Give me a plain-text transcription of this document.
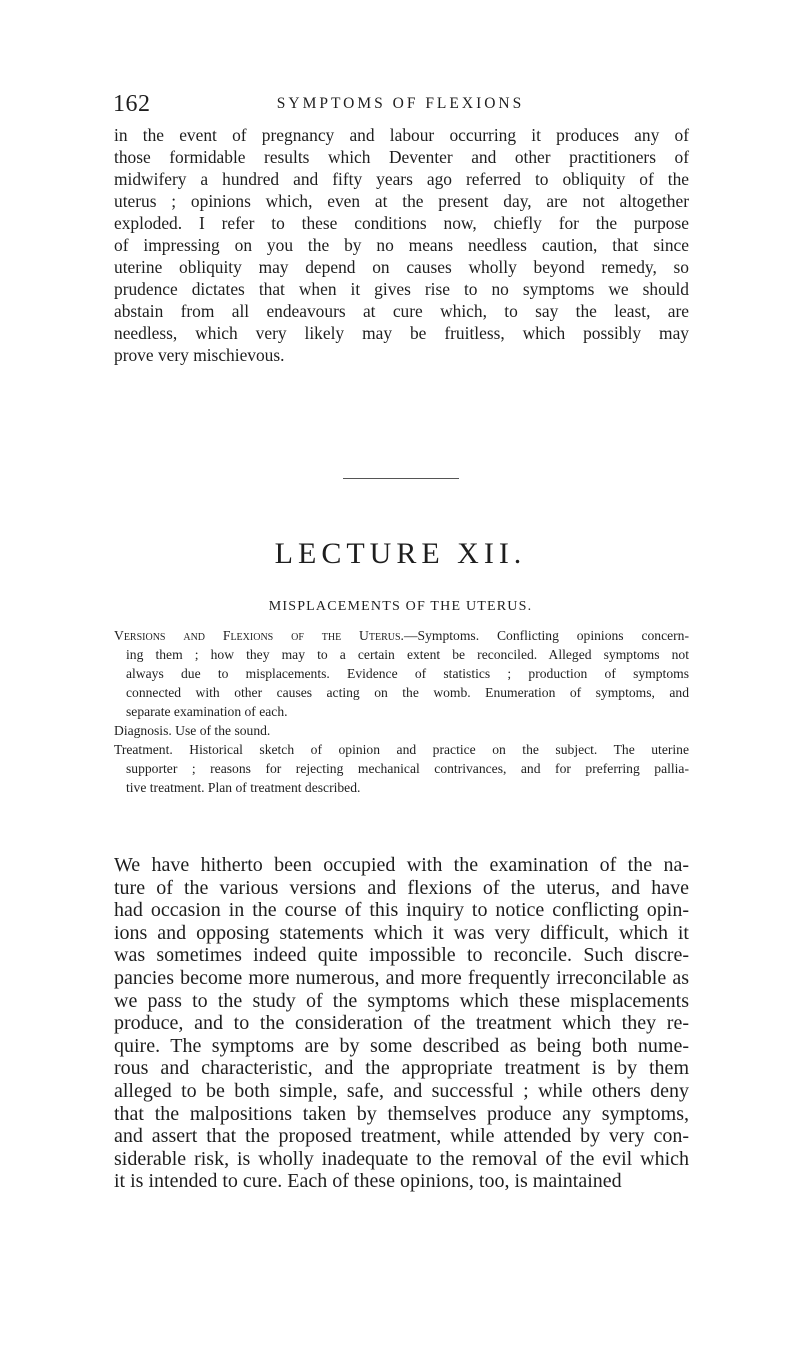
162	SYMPTOMS OF FLEXIONS
in the event of pregnancy and labour occurring it produces any of
those formidable results which Deventer and other practitioners of
midwifery a hundred and fifty years ago referred to obliquity of the
uterus ; opinions which, even at the present day, are not altogether
exploded. I refer to these conditions now, chiefly for the purpose
of impressing on you the by no means needless caution, that since
uterine obliquity may depend on causes wholly beyond remedy, so
prudence dictates that when it gives rise to no symptoms we should
abstain from all endeavours at cure which, to say the least, are
needless, which very likely may be fruitless, which possibly may
prove very mischievous.
LECTURE XII.
MISPLACEMENTS OF THE UTERUS.
Versions and Flexions of the Uterus.—Symptoms. Conflicting opinions concern-
ing them ; how they may to a certain extent be reconciled. Alleged symptoms not
always due to misplacements. Evidence of statistics ; production of symptoms
connected with other causes acting on the womb. Enumeration of symptoms, and
separate examination of each.
Diagnosis. Use of the sound.
Treatment. Historical sketch of opinion and practice on the subject. The uterine
supporter ; reasons for rejecting mechanical contrivances, and for preferring pallia-
tive treatment. Plan of treatment described.
We have hitherto been occupied with the examination of the na-
ture of the various versions and flexions of the uterus, and have
had occasion in the course of this inquiry to notice conflicting opin-
ions and opposing statements which it was very difficult, which it
was sometimes indeed quite impossible to reconcile. Such discre-
pancies become more numerous, and more frequently irreconcilable as
we pass to the study of the symptoms which these misplacements
produce, and to the consideration of the treatment which they re-
quire. The symptoms are by some described as being both nume-
rous and characteristic, and the appropriate treatment is by them
alleged to be both simple, safe, and successful ; while others deny
that the malpositions taken by themselves produce any symptoms,
and assert that the proposed treatment, while attended by very con-
siderable risk, is wholly inadequate to the removal of the evil which
it is intended to cure. Each of these opinions, too, is maintained
